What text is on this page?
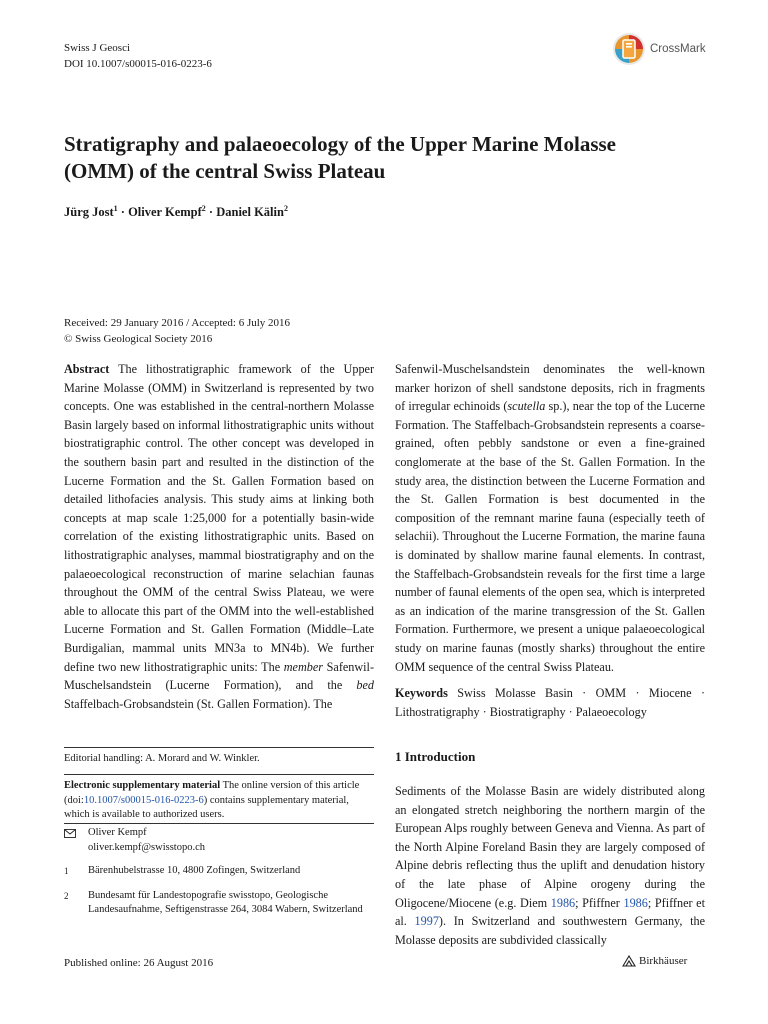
Swiss J Geosci
DOI 10.1007/s00015-016-0223-6
CrossMark
Stratigraphy and palaeoecology of the Upper Marine Molasse (OMM) of the central Swiss Plateau
Jürg Jost$^1$ · Oliver Kempf$^2$ · Daniel Kälin$^2$
Received: 29 January 2016 / Accepted: 6 July 2016
© Swiss Geological Society 2016

Abstract The lithostratigraphic framework of the Upper Marine Molasse (OMM) in Switzerland is represented by two concepts. One was established in the central-northern Molasse Basin largely based on informal lithostratigraphic units without biostratigraphic control. The other concept was developed in the southern basin part and resulted in the distinction of the Lucerne Formation and the St. Gallen Formation based on detailed lithofacies analysis. This study aims at linking both concepts at map scale 1:25,000 for a potentially basin-wide correlation of the existing lithostratigraphic units. Based on lithostratigraphic analyses, mammal biostratigraphy and on the palaeoecological reconstruction of marine selachian faunas throughout the OMM of the central Swiss Plateau, we were able to allocate this part of the OMM into the well-established Lucerne Formation and St. Gallen Formation (Middle–Late Burdigalian, mammal units MN3a to MN4b). We further define two new lithostratigraphic units: The member Safenwil-Muschelsandstein (Lucerne Formation), and the bed Staffelbach-Grobsandstein (St. Gallen Formation). The

Safenwil-Muschelsandstein denominates the well-known marker horizon of shell sandstone deposits, rich in fragments of irregular echinoids (scutella sp.), near the top of the Lucerne Formation. The Staffelbach-Grobsandstein represents a coarse-grained, often pebbly sandstone or even a fine-grained conglomerate at the base of the St. Gallen Formation. In the study area, the distinction between the Lucerne Formation and the St. Gallen Formation is best documented in the composition of the remnant marine fauna (especially teeth of selachii). Throughout the Lucerne Formation, the marine fauna is dominated by shallow marine faunal elements. In contrast, the Staffelbach-Grobsandstein reveals for the first time a large number of faunal elements of the open sea, which is interpreted as an indication of the marine transgression of the St. Gallen Formation. Furthermore, we present a unique palaeoecological study on marine faunas (mostly sharks) throughout the entire OMM sequence of the central Swiss Plateau.

Keywords Swiss Molasse Basin · OMM · Miocene · Lithostratigraphy · Biostratigraphy · Palaeoecology
Editorial handling: A. Morard and W. Winkler.
Electronic supplementary material The online version of this article (doi:10.1007/s00015-016-0223-6) contains supplementary material, which is available to authorized users.
Oliver Kempf
oliver.kempf@swisstopo.ch
1	Bärenhubelstrasse 10, 4800 Zofingen, Switzerland
2	Bundesamt für Landestopografie swisstopo, Geologische Landesaufnahme, Seftigenstrasse 264, 3084 Wabern, Switzerland
1 Introduction
Sediments of the Molasse Basin are widely distributed along an elongated stretch neighboring the northern margin of the European Alps roughly between Geneva and Vienna. As part of the North Alpine Foreland Basin they are largely composed of Alpine debris reflecting thus the uplift and denudation history of the late phase of Alpine orogeny during the Oligocene/Miocene (e.g. Diem 1986; Pfiffner 1986; Pfiffner et al. 1997). In Switzerland and southwestern Germany, the Molasse deposits are subdivided classically
Published online: 26 August 2016	Birkhäuser
